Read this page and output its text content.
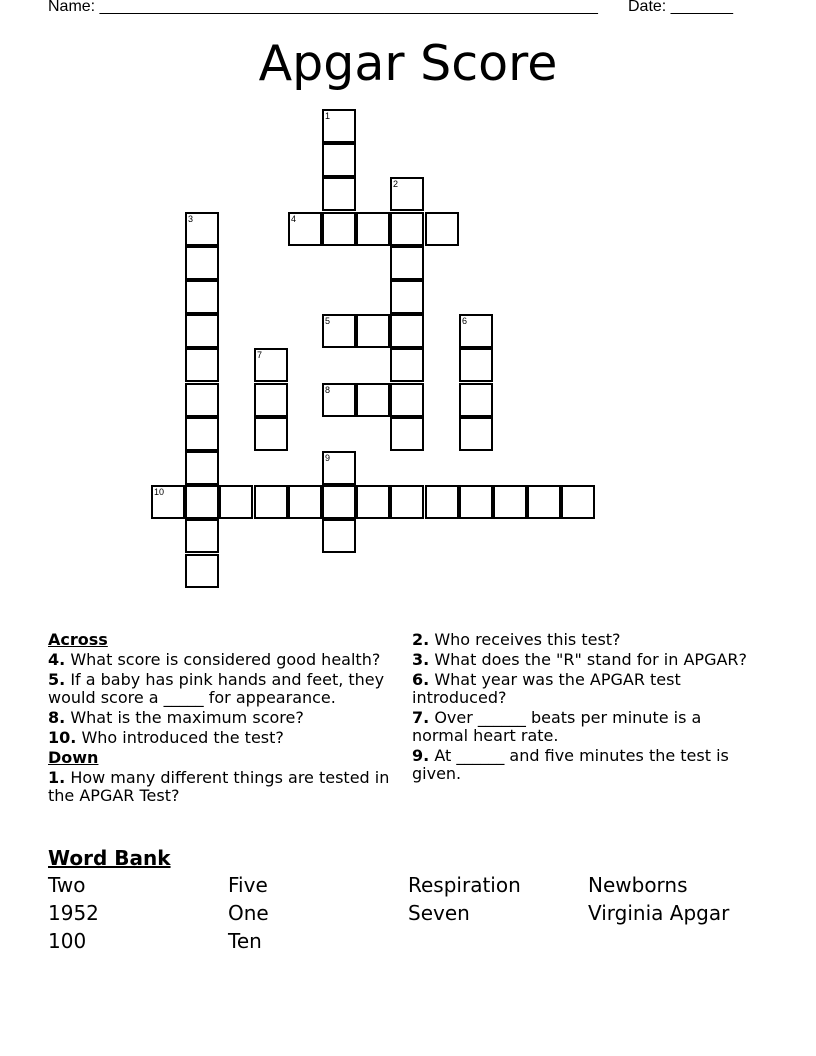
Name: ________________________________________________________ Date: _______
Apgar Score
1
2
3	4
5	6
7
8
9
10
Across
4. What score is considered good health?
5. If a baby has pink hands and feet, they would score a _____ for appearance.
8. What is the maximum score?
10. Who introduced the test?
Down
1. How many different things are tested in the APGAR Test?
2. Who receives this test?
3. What does the "R" stand for in APGAR?
6. What year was the APGAR test introduced?
7. Over ______ beats per minute is a normal heart rate.
9. At ______ and five minutes the test is given.
Word Bank
Two	Five	Respiration	Newborns
1952	One	Seven	Virginia Apgar
100	Ten
